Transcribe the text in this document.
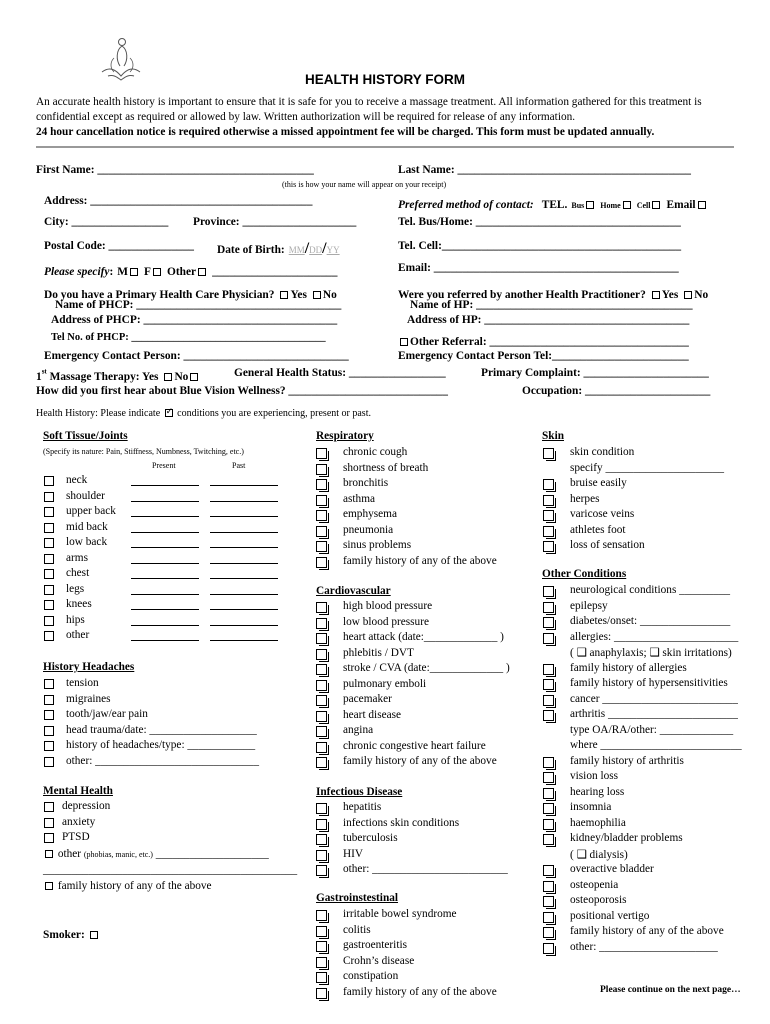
HEALTH HISTORY FORM
An accurate health history is important to ensure that it is safe for you to receive a massage treatment. All information gathered for this treatment is confidential except as required or allowed by law. Written authorization will be required for release of any information.
24 hour cancellation notice is required otherwise a missed appointment fee will be charged. This form must be updated annually.
First Name: ______________________________________	Last Name: _________________________________________
(this is how your name will appear on your receipt)
Address: _______________________________________	Preferred method of contact: TEL. Bus Home Cell Email
City: _________________ Province: ____________________	Tel. Bus/Home: ____________________________________
Postal Code: _______________ Date of Birth: MM/DD/YY	Tel. Cell:__________________________________________
Please specify: M F Other ______________________	Email: ___________________________________________
Do you have a Primary Health Care Physician? Yes No
Name of PHCP: ____________________________________
Address of PHCP: __________________________________
Tel No. of PHCP: _____________________________________
Were you referred by another Health Practitioner? Yes No
Name of HP: ______________________________________
Address of HP: ____________________________________
Other Referral: ___________________________________
Emergency Contact Person: _____________________________	Emergency Contact Person Tel:________________________
1st Massage Therapy: Yes No	General Health Status: _________________	Primary Complaint: ______________________
How did you first hear about Blue Vision Wellness? ____________________________	Occupation: ______________________
Health History: Please indicate ✓ conditions you are experiencing, present or past.
Soft Tissue/Joints
(Specify its nature: Pain, Stiffness, Numbness, Twitching, etc.)
Present	Past
neck
shoulder
upper back
mid back
low back
arms
chest
legs
knees
hips
other
History Headaches
tension
migraines
tooth/jaw/ear pain
head trauma/date: ___________________
history of headaches/type: ____________
other: _____________________________
Mental Health
depression
anxiety
PTSD
other (phobias, manic, etc.) ____________________
_____________________________________________
family history of any of the above
Smoker:
Respiratory
chronic cough
shortness of breath
bronchitis
asthma
emphysema
pneumonia
sinus problems
family history of any of the above
Cardiovascular
high blood pressure
low blood pressure
heart attack (date:_____________ )
phlebitis / DVT
stroke / CVA (date:_____________ )
pulmonary emboli
pacemaker
heart disease
angina
chronic congestive heart failure
family history of any of the above
Infectious Disease
hepatitis
infections skin conditions
tuberculosis
HIV
other: ________________________
Gastroinstestinal
irritable bowel syndrome
colitis
gastroenteritis
Crohn’s disease
constipation
family history of any of the above
Skin
skin condition
specify _____________________
bruise easily
herpes
varicose veins
athletes foot
loss of sensation
Other Conditions
neurological conditions _________
epilepsy
diabetes/onset: ________________
allergies: ______________________
( ❑ anaphylaxis; ❑ skin irritations)
family history of allergies
family history of hypersensitivities
cancer ________________________
arthritis _______________________
type OA/RA/other: _____________
where _________________________
family history of arthritis
vision loss
hearing loss
insomnia
haemophilia
kidney/bladder problems
( ❑ dialysis)
overactive bladder
osteopenia
osteoporosis
positional vertigo
family history of any of the above
other: _____________________
Please continue on the next page…
